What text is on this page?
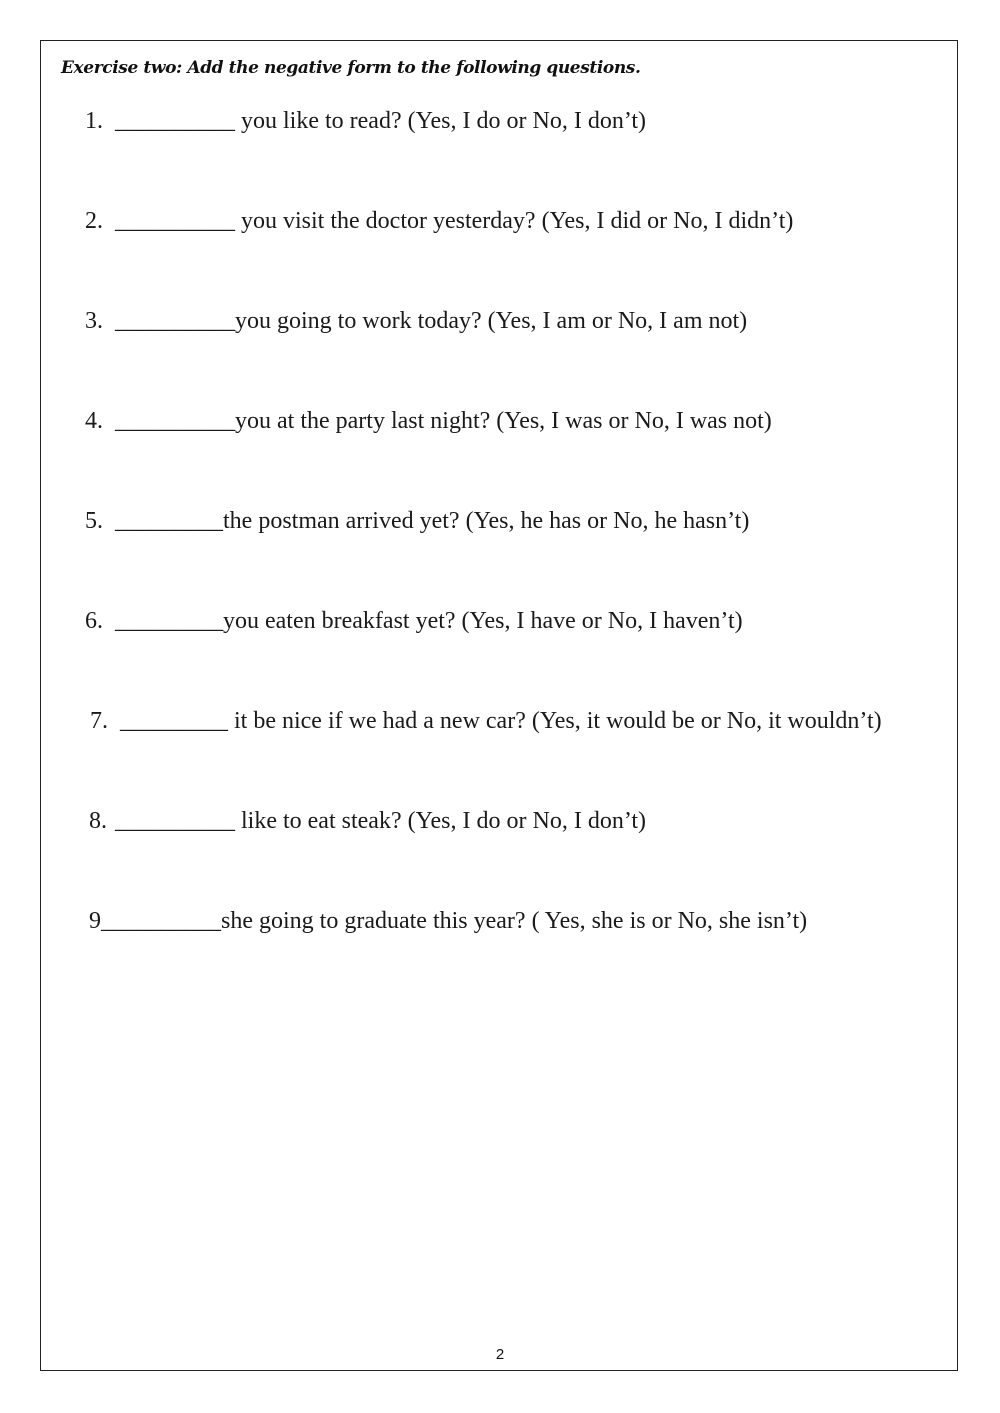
Exercise two: Add the negative form to the following questions.
1. __________ you like to read? (Yes, I do or No, I don’t)
2. __________ you visit the doctor yesterday? (Yes, I did or No, I didn’t)
3. __________you going to work today? (Yes, I am or No, I am not)
4. __________you at the party last night? (Yes, I was or No, I was not)
5. _________the postman arrived yet? (Yes, he has or No, he hasn’t)
6. _________you eaten breakfast yet? (Yes, I have or No, I haven’t)
7. _________ it be nice if we had a new car? (Yes, it would be or No, it wouldn’t)
8. __________ like to eat steak? (Yes, I do or No, I don’t)
9__________she going to graduate this year? ( Yes, she is or No, she isn’t)
2
